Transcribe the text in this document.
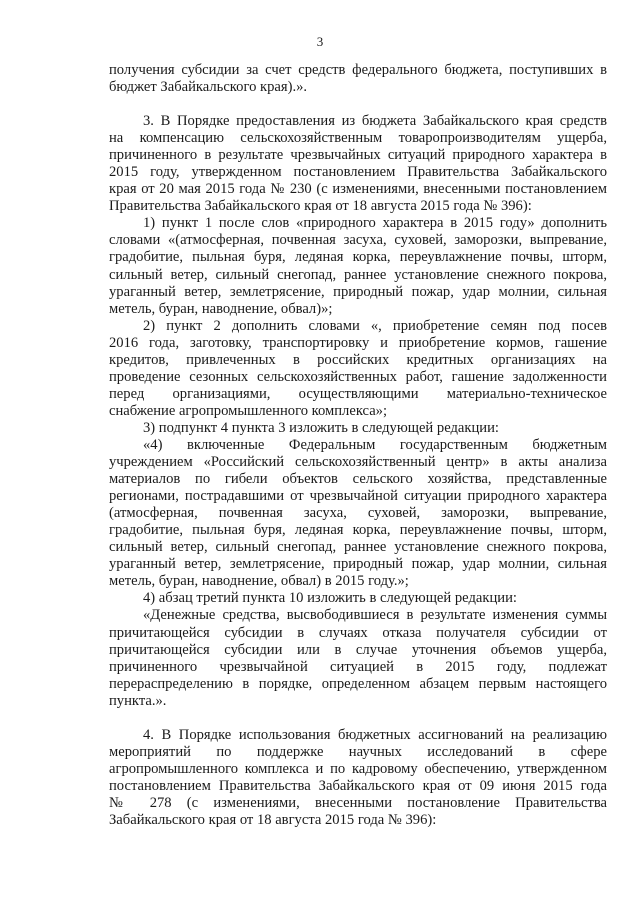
3

получения субсидии за счет средств федерального бюджета, поступивших в

бюджет Забайкальского края).».

3. В Порядке предоставления из бюджета Забайкальского края средств

на компенсацию сельскохозяйственным товаропроизводителям ущерба,

причиненного в результате чрезвычайных ситуаций природного характера в

2015 году, утвержденном постановлением Правительства Забайкальского

края от 20 мая 2015 года № 230 (с изменениями, внесенными постановлением

Правительства Забайкальского края от 18 августа 2015 года № 396):

1) пункт 1 после слов «природного характера в 2015 году» дополнить

словами «(атмосферная, почвенная засуха, суховей, заморозки, выпревание,

градобитие, пыльная буря, ледяная корка, переувлажнение почвы, шторм,

сильный ветер, сильный снегопад, раннее установление снежного покрова,

ураганный ветер, землетрясение, природный пожар, удар молнии, сильная

метель, буран, наводнение, обвал)»;

2) пункт 2 дополнить словами «, приобретение семян под посев

2016 года, заготовку, транспортировку и приобретение кормов, гашение

кредитов, привлеченных в российских кредитных организациях на

проведение сезонных сельскохозяйственных работ, гашение задолженности

перед организациями, осуществляющими материально-техническое

снабжение агропромышленного комплекса»;

3) подпункт 4 пункта 3 изложить в следующей редакции:

«4) включенные Федеральным государственным бюджетным

учреждением «Российский сельскохозяйственный центр» в акты анализа

материалов по гибели объектов сельского хозяйства, представленные

регионами, пострадавшими от чрезвычайной ситуации природного характера

(атмосферная, почвенная засуха, суховей, заморозки, выпревание,

градобитие, пыльная буря, ледяная корка, переувлажнение почвы, шторм,

сильный ветер, сильный снегопад, раннее установление снежного покрова,

ураганный ветер, землетрясение, природный пожар, удар молнии, сильная

метель, буран, наводнение, обвал) в 2015 году.»;

4) абзац третий пункта 10 изложить в следующей редакции:

«Денежные средства, высвободившиеся в результате изменения суммы

причитающейся субсидии в случаях отказа получателя субсидии от

причитающейся субсидии или в случае уточнения объемов ущерба,

причиненного чрезвычайной ситуацией в 2015 году, подлежат

перераспределению в порядке, определенном абзацем первым настоящего

пункта.».

4. В Порядке использования бюджетных ассигнований на реализацию

мероприятий по поддержке научных исследований в сфере

агропромышленного комплекса и по кадровому обеспечению, утвержденном

постановлением Правительства Забайкальского края от 09 июня 2015 года

№ 278 (с изменениями, внесенными постановление Правительства

Забайкальского края от 18 августа 2015 года № 396):
